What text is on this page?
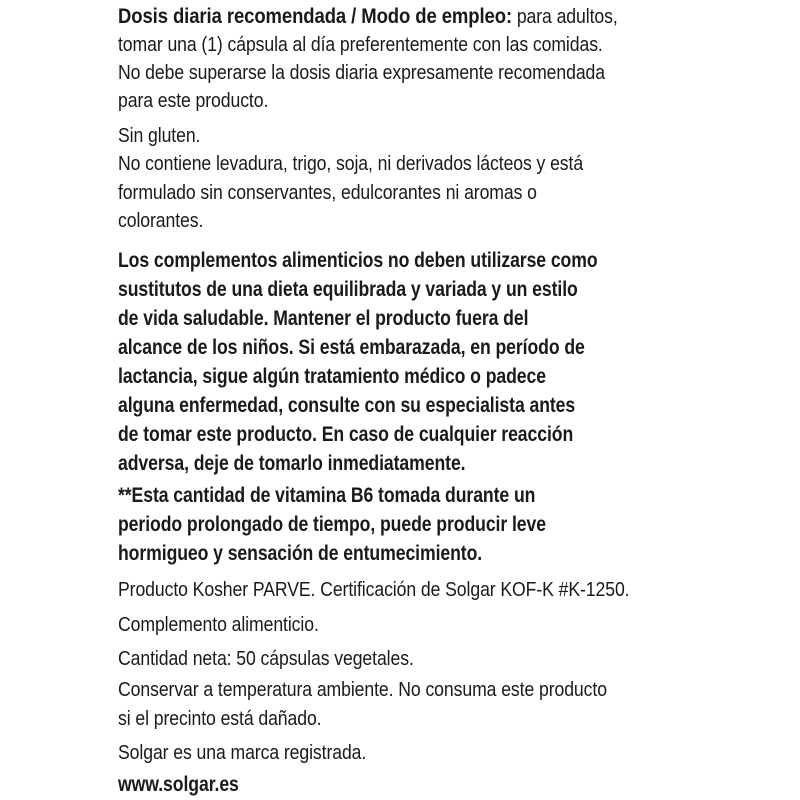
Dosis diaria recomendada / Modo de empleo: para adultos,

tomar una (1) cápsula al día preferentemente con las comidas.

No debe superarse la dosis diaria expresamente recomendada

para este producto.

Sin gluten.

No contiene levadura, trigo, soja, ni derivados lácteos y está

formulado sin conservantes, edulcorantes ni aromas o

colorantes.

Los complementos alimenticios no deben utilizarse como

sustitutos de una dieta equilibrada y variada y un estilo

de vida saludable. Mantener el producto fuera del

alcance de los niños. Si está embarazada, en período de

lactancia, sigue algún tratamiento médico o padece

alguna enfermedad, consulte con su especialista antes

de tomar este producto. En caso de cualquier reacción

adversa, deje de tomarlo inmediatamente.

**Esta cantidad de vitamina B6 tomada durante un

periodo prolongado de tiempo, puede producir leve

hormigueo y sensación de entumecimiento.

Producto Kosher PARVE. Certificación de Solgar KOF-K #K-1250.

Complemento alimenticio.

Cantidad neta: 50 cápsulas vegetales.

Conservar a temperatura ambiente. No consuma este producto

si el precinto está dañado.

Solgar es una marca registrada.

www.solgar.es
